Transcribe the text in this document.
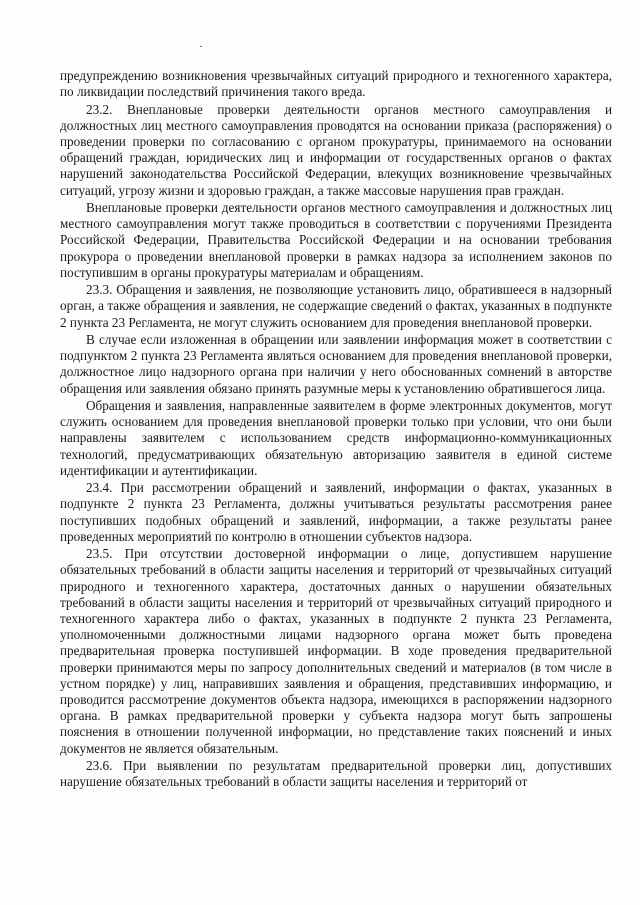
предупреждению возникновения чрезвычайных ситуаций природного и техногенного характера, по ликвидации последствий причинения такого вреда.

23.2. Внеплановые проверки деятельности органов местного самоуправления и должностных лиц местного самоуправления проводятся на основании приказа (распоряжения) о проведении проверки по согласованию с органом прокуратуры, принимаемого на основании обращений граждан, юридических лиц и информации от государственных органов о фактах нарушений законодательства Российской Федерации, влекущих возникновение чрезвычайных ситуаций, угрозу жизни и здоровью граждан, а также массовые нарушения прав граждан.

Внеплановые проверки деятельности органов местного самоуправления и должностных лиц местного самоуправления могут также проводиться в соответствии с поручениями Президента Российской Федерации, Правительства Российской Федерации и на основании требования прокурора о проведении внеплановой проверки в рамках надзора за исполнением законов по поступившим в органы прокуратуры материалам и обращениям.

23.3. Обращения и заявления, не позволяющие установить лицо, обратившееся в надзорный орган, а также обращения и заявления, не содержащие сведений о фактах, указанных в подпункте 2 пункта 23 Регламента, не могут служить основанием для проведения внеплановой проверки.

В случае если изложенная в обращении или заявлении информация может в соответствии с подпунктом 2 пункта 23 Регламента являться основанием для проведения внеплановой проверки, должностное лицо надзорного органа при наличии у него обоснованных сомнений в авторстве обращения или заявления обязано принять разумные меры к установлению обратившегося лица.

Обращения и заявления, направленные заявителем в форме электронных документов, могут служить основанием для проведения внеплановой проверки только при условии, что они были направлены заявителем с использованием средств информационно-коммуникационных технологий, предусматривающих обязательную авторизацию заявителя в единой системе идентификации и аутентификации.

23.4. При рассмотрении обращений и заявлений, информации о фактах, указанных в подпункте 2 пункта 23 Регламента, должны учитываться результаты рассмотрения ранее поступивших подобных обращений и заявлений, информации, а также результаты ранее проведенных мероприятий по контролю в отношении субъектов надзора.

23.5. При отсутствии достоверной информации о лице, допустившем нарушение обязательных требований в области защиты населения и территорий от чрезвычайных ситуаций природного и техногенного характера, достаточных данных о нарушении обязательных требований в области защиты населения и территорий от чрезвычайных ситуаций природного и техногенного характера либо о фактах, указанных в подпункте 2 пункта 23 Регламента, уполномоченными должностными лицами надзорного органа может быть проведена предварительная проверка поступившей информации. В ходе проведения предварительной проверки принимаются меры по запросу дополнительных сведений и материалов (в том числе в устном порядке) у лиц, направивших заявления и обращения, представивших информацию, и проводится рассмотрение документов объекта надзора, имеющихся в распоряжении надзорного органа. В рамках предварительной проверки у субъекта надзора могут быть запрошены пояснения в отношении полученной информации, но представление таких пояснений и иных документов не является обязательным.

23.6. При выявлении по результатам предварительной проверки лиц, допустивших нарушение обязательных требований в области защиты населения и территорий от
